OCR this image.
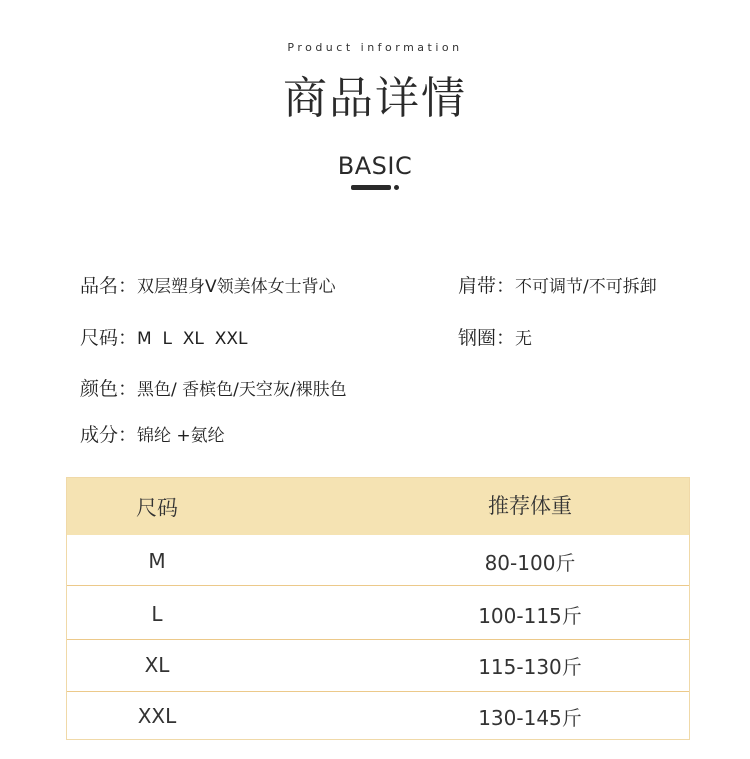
Product information
商品详情
BASIC
品名：双层塑身V领美体女士背心	肩带：不可调节/不可拆卸
尺码：M  L  XL  XXL	钢圈：无
颜色：黑色/ 香槟色/天空灰/裸肤色
成分：锦纶 +氨纶
尺码	推荐体重
M	80-100斤
L	100-115斤
XL	115-130斤
XXL	130-145斤
